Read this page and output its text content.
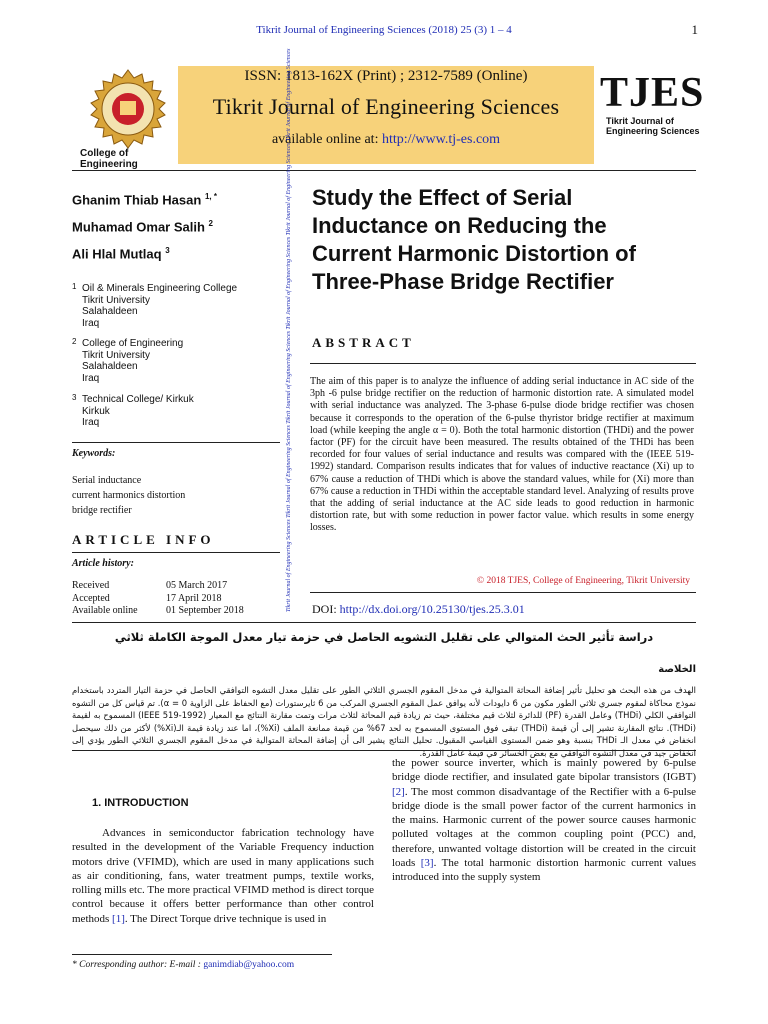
Tikrit Journal of Engineering Sciences (2018) 25 (3) 1 – 4	1
College of Engineering
ISSN: 1813-162X (Print) ; 2312-7589 (Online)
Tikrit Journal of Engineering Sciences
available online at: http://www.tj-es.com
TJES
Tikrit Journal of
Engineering Sciences
Ghanim Thiab Hasan $^{1, *}$
Muhamad Omar Salih $^2$
Ali Hlal Mutlaq $^3$
1 Oil & Minerals Engineering College
Tikrit University
Salahaldeen
Iraq
2 College of Engineering
Tikrit University
Salahaldeen
Iraq
3 Technical College/ Kirkuk
Kirkuk
Iraq
Keywords:
Serial inductance
current harmonics distortion
bridge rectifier
ARTICLE INFO
Article history:
Received	05 March 2017
Accepted	17 April 2018
Available online	01 September 2018	Tikrit Journal of Engineering Sciences Tikrit Journal of Engineering Sciences Tikrit Journal of Engineering Sciences Tikrit Journal of Engineering Sciences Tikrit Journal of Engineering Sciences Tikrit Journal of Engineering Sciences Study the Effect of Serial
Inductance on Reducing the
Current Harmonic Distortion of
Three-Phase Bridge Rectifier
ABSTRACT
The aim of this paper is to analyze the influence of adding serial inductance in AC side of the 3ph -6 pulse bridge rectifier on the reduction of harmonic distortion rate. A simulated model with serial inductance was analyzed. The 3-phase 6-pulse diode bridge rectifier was chosen because it corresponds to the operation of the 6-pulse thyristor bridge rectifier at maximum load (while keeping the angle α = 0). Both the total harmonic distortion (THDi) and the power factor (PF) for the circuit have been measured. The results obtained of the THDi has been recorded for four values of serial inductance and results was compared with the (IEEE 519-1992) standard. Comparison results indicates that for values of inductive reactance (Xi) up to 67% cause a reduction of THDi which is above the standard values, while for (Xi) more than 67% cause a reduction in THDi within the acceptable standard level. Analyzing of results prove that the adding of serial inductance at the AC side leads to good reduction in harmonic distortion rate, but with some reduction in power factor value. which results in some energy losses.
© 2018 TJES, College of Engineering, Tikrit University
DOI: http://dx.doi.org/10.25130/tjes.25.3.01
دراسة تأثير الحث المتوالي على تقليل التشويه الحاصل في حزمة تيار معدل الموجة الكاملة ثلاثي
الخلاصة
الهدف من هذه البحث هو تحليل تأثير إضافة المحاثة المتوالية في مدخل المقوم الجسري الثلاثي الطور على تقليل معدل التشوه التوافقي الحاصل في حزمة التيار المتردد باستخدام نموذج محاكاة لمقوم جسري ثلاثي الطور مكون من 6 دايودات لأنه يوافق عمل المقوم الجسري المركب من 6 ثايرستورات (مع الحفاظ على الزاوية α = 0). تم قياس كل من التشوه التوافقي الكلي (THDi) وعامل القدرة (PF) للدائرة لثلاث قيم مختلفة، حيث تم زيادة قيم المحاثة لثلاث مرات وتمت مقارنة النتائج مع المعيار (IEEE 519-1992) المسموح به لقيمة (THDi). نتائج المقارنة تشير إلى أن قيمة (THDi) تبقى فوق المستوى المسموح به لحد 67% من قيمة ممانعة الملف (Xi%)، اما عند زيادة قيمة الـ(Xi%) لأكثر من ذلك سيحصل انخفاض في معدل الـ THDi بنسبة وهو ضمن المستوى القياسي المقبول. تحليل النتائج يشير الى أن إضافة المحاثة المتوالية في مدخل المقوم الجسري الثلاثي الطور يؤدي إلى انخفاض جيد في معدل التشوه التوافقي مع بعض الخسائر في قيمة عامل القدرة.
1. INTRODUCTION
Advances in semiconductor fabrication technology have resulted in the development of the Variable Frequency induction motors drive (VFIMD), which are used in many applications such as air conditioning, fans, water treatment pumps, textile works, rolling mills etc. The more practical VFIMD method is direct torque control because it offers better performance than other control methods [1]. The Direct Torque drive technique is used in
the power source inverter, which is mainly powered by 6-pulse bridge diode rectifier, and insulated gate bipolar transistors (IGBT) [2]. The most common disadvantage of the Rectifier with a 6-pulse bridge diode is the small power factor of the current harmonics in the mains. Harmonic current of the power source causes harmonic polluted voltages at the common coupling point (PCC) and, therefore, unwanted voltage distortion will be created in the circuit loads [3]. The total harmonic distortion harmonic current values introduced into the supply system
* Corresponding author: E-mail : ganimdiab@yahoo.com
